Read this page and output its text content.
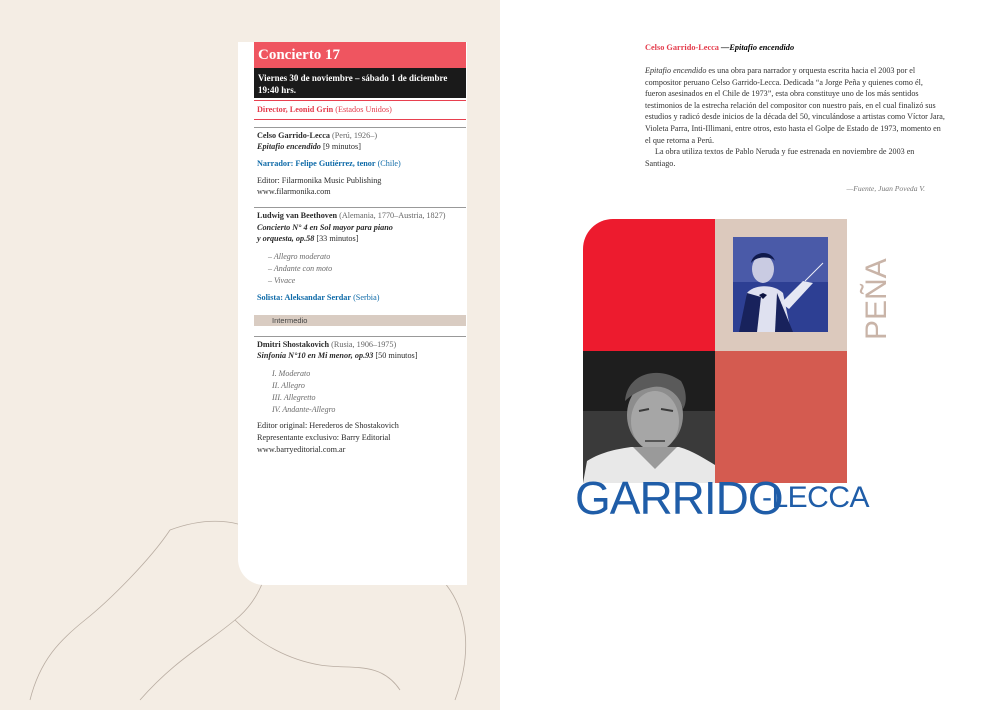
Concierto 17
Viernes 30 de noviembre – sábado 1 de diciembre 19:40 hrs.
Director, Leonid Grin (Estados Unidos)
Celso Garrido-Lecca (Perú, 1926–)
Epitafio encendido [9 minutos]
Narrador: Felipe Gutiérrez, tenor (Chile)
Editor: Filarmonika Music Publishing
www.filarmonika.com
Ludwig van Beethoven (Alemania, 1770–Austria, 1827)
Concierto N° 4 en Sol mayor para piano
y orquesta, op.58 [33 minutos]
– Allegro moderato
– Andante con moto
– Vivace
Solista: Aleksandar Serdar (Serbia)
Intermedio
Dmitri Shostakovich (Rusia, 1906–1975)
Sinfonía N°10 en Mi menor, op.93 [50 minutos]
I. Moderato
II. Allegro
III. Allegretto
IV. Andante-Allegro
Editor original: Herederos de Shostakovich
Representante exclusivo: Barry Editorial
www.barryeditorial.com.ar
Celso Garrido-Lecca —Epitafio encendido

Epitafio encendido es una obra para narrador y orquesta escrita hacia el 2003 por el compositor peruano Celso Garrido-Lecca. Dedicada “a Jorge Peña y quienes como él, fueron asesinados en el Chile de 1973”, esta obra constituye uno de los más sentidos testimonios de la estrecha relación del compositor con nuestro país, en el cual finalizó sus estudios y radicó desde inicios de la década del 50, vinculándose a artistas como Víctor Jara, Violeta Parra, Inti-Illimani, entre otros, esto hasta el Golpe de Estado de 1973, momento en el que retorna a Perú.

La obra utiliza textos de Pablo Neruda y fue estrenada en noviembre de 2003 en Santiago.

—Fuente, Juan Poveda V.
PEÑA
GARRIDO
-LECCA
